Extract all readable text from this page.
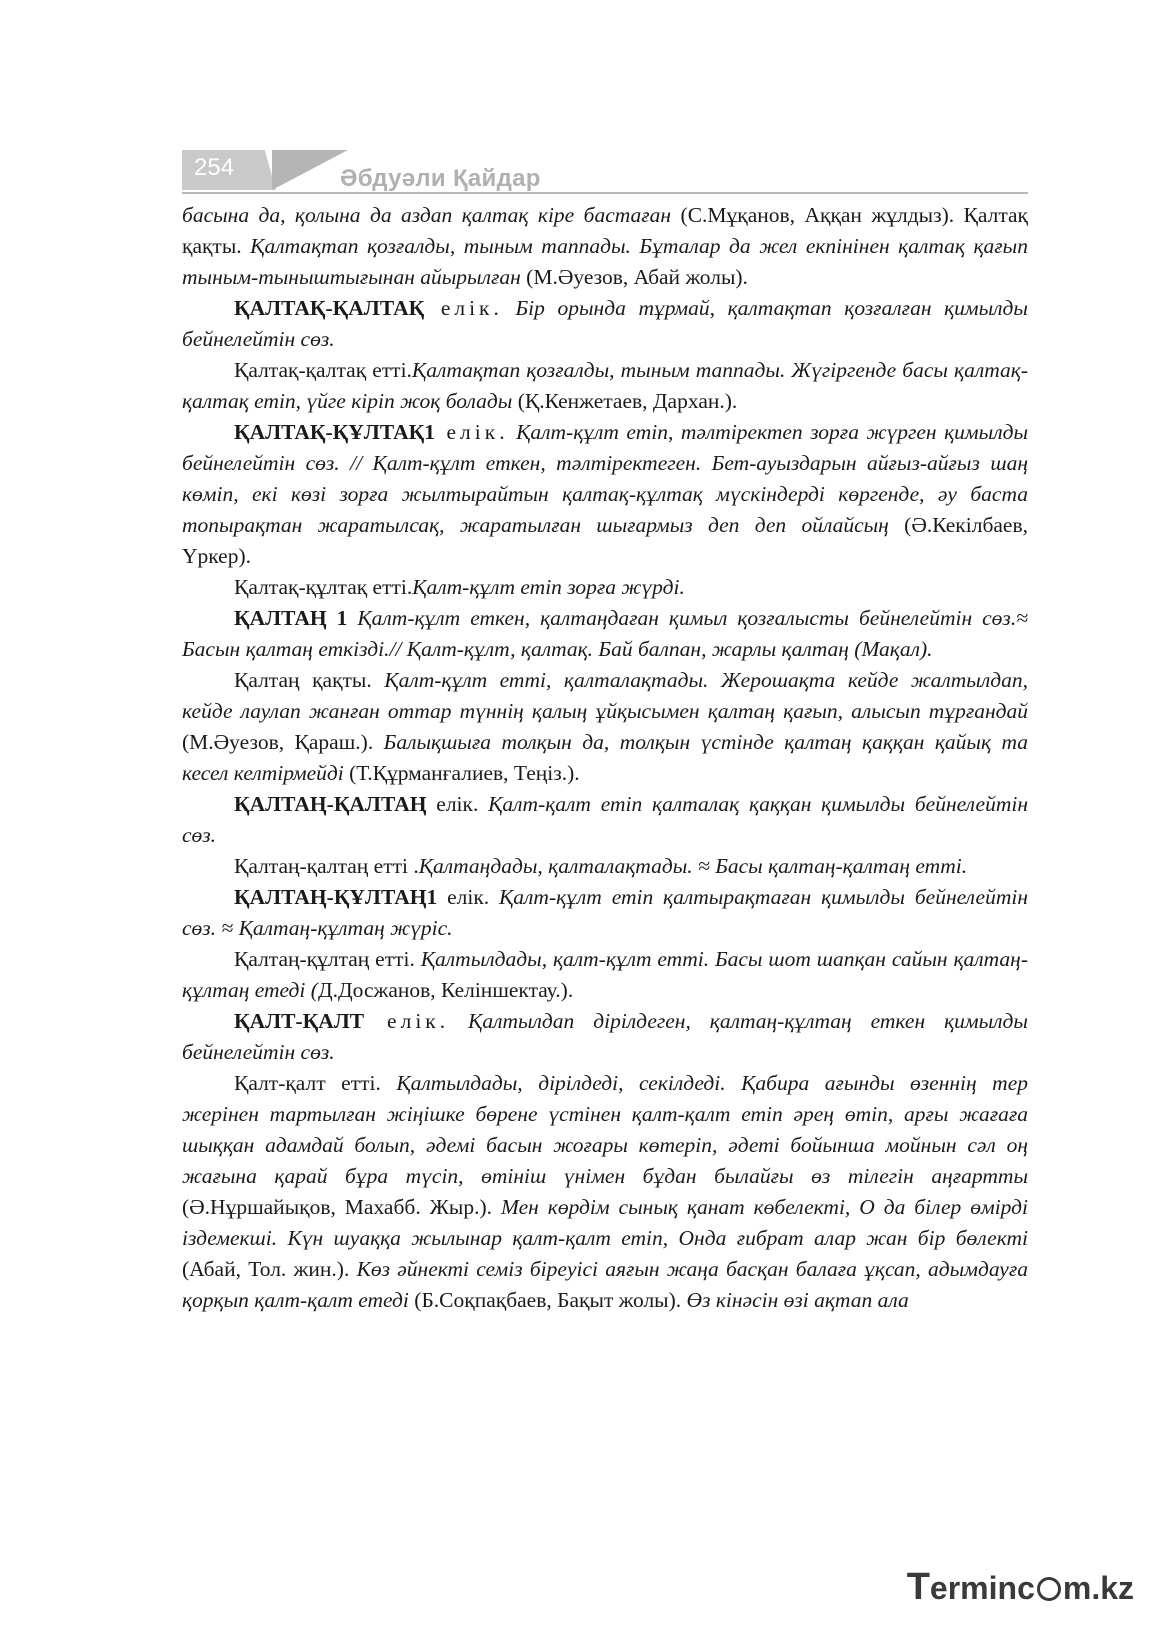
254	Әбдуәли Қайдар

басына да, қолына да аздап қалтақ кіре бастаған (С.Мұқанов, Аққан жұлдыз). Қалтақ қақты. Қалтақтап қозғалды, тыным таппады. Бұталар да жел екпінінен қалтақ қағып тыным-тыныштығынан айырылған (М.Әуезов, Абай жолы).

ҚАЛТАҚ-ҚАЛТАҚ елік. Бір орында тұрмай, қалтақтап қозғалған қимылды бейнелейтін сөз.

Қалтақ-қалтақ етті.Қалтақтап қозғалды, тыным таппады. Жүгіргенде басы қалтақ-қалтақ етіп, үйге кіріп жоқ болады (Қ.Кенжетаев, Дархан.).

ҚАЛТАҚ-ҚҰЛТАҚ1 елік. Қалт-құлт етіп, тәлтіректеп зорға жүрген қимылды бейнелейтін сөз. // Қалт-құлт еткен, тәлтіректеген. Бет-ауыздарын айғыз-айғыз шаң көміп, екі көзі зорға жылтырайтын қалтақ-құлтақ мүскіндерді көргенде, әу баста топырақтан жаратылсақ, жаратылған шығармыз деп деп ойлайсың (Ә.Кекілбаев, Үркер).

Қалтақ-құлтақ етті.Қалт-құлт етіп зорға жүрді.

ҚАЛТАҢ 1 Қалт-құлт еткен, қалтаңдаған қимыл қозғалысты бейнелейтін сөз.≈ Басын қалтаң еткізді.// Қалт-құлт, қалтақ. Бай балпан, жарлы қалтаң (Мақал).

Қалтаң қақты. Қалт-құлт етті, қалталақтады. Жерошақта кейде жалтылдап, кейде лаулап жанған оттар түннің қалың ұйқысымен қалтаң қағып, алысып тұрғандай (М.Әуезов, Қараш.). Балықшыға толқын да, толқын үстінде қалтаң қаққан қайық та кесел келтірмейді (Т.Құрманғалиев, Теңіз.).

ҚАЛТАҢ-ҚАЛТАҢ елік. Қалт-қалт етіп қалталақ қаққан қимылды бейнелейтін сөз.

Қалтаң-қалтаң етті .Қалтаңдады, қалталақтады. ≈ Басы қалтаң-қалтаң етті.

ҚАЛТАҢ-ҚҰЛТАҢ1 елік. Қалт-құлт етіп қалтырақтаған қимылды бейнелейтін сөз. ≈ Қалтаң-құлтаң жүріс.

Қалтаң-құлтаң етті. Қалтылдады, қалт-құлт етті. Басы шот шапқан сайын қалтаң-құлтаң етеді (Д.Досжанов, Келіншектау.).

ҚАЛТ-ҚАЛТ елік. Қалтылдап дірілдеген, қалтаң-құлтаң еткен қимылды бейнелейтін сөз.

Қалт-қалт етті. Қалтылдады, дірілдеді, секілдеді. Қабира ағынды өзеннің тер жерінен тартылған жіңішке бөрене үстінен қалт-қалт етіп әрең өтіп, арғы жағаға шыққан адамдай болып, әдемі басын жоғары көтеріп, әдеті бойынша мойнын сәл оң жағына қарай бұра түсіп, өтініш үнімен бұдан былайғы өз тілегін аңғартты (Ә.Нұршайықов, Махабб. Жыр.). Мен көрдім сынық қанат көбелекті, О да білер өмірді іздемекші. Күн шуаққа жылынар қалт-қалт етіп, Онда ғибрат алар жан бір бөлекті (Абай, Тол. жин.). Көз әйнекті семіз біреуісі аяғын жаңа басқан балаға ұқсап, адымдауға қорқып қалт-қалт етеді (Б.Соқпақбаев, Бақыт жолы). Өз кінәсін өзі ақтап ала

Terminc m.kz
